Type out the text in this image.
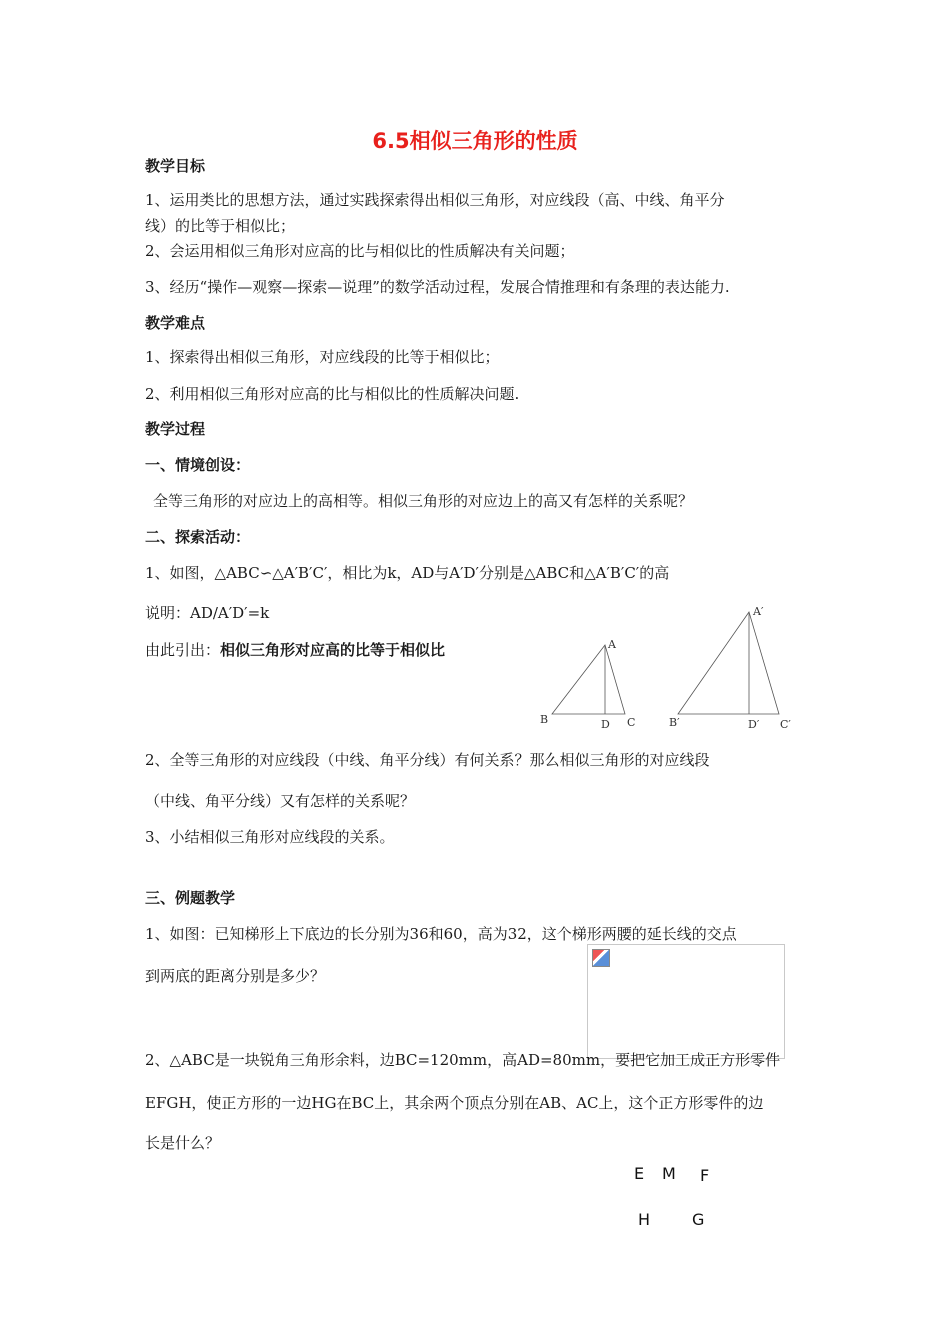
6.5相似三角形的性质
教学目标
1、运用类比的思想方法，通过实践探索得出相似三角形，对应线段（高、中线、角平分
线）的比等于相似比；
2、会运用相似三角形对应高的比与相似比的性质解决有关问题；
3、经历“操作—观察—探索—说理”的数学活动过程，发展合情推理和有条理的表达能力.
教学难点
1、探索得出相似三角形，对应线段的比等于相似比；
2、利用相似三角形对应高的比与相似比的性质解决问题.
教学过程
一、情境创设：
全等三角形的对应边上的高相等。相似三角形的对应边上的高又有怎样的关系呢？
二、探索活动：
1、如图，△ABC∽△A′B′C′，相比为k，AD与A′D′分别是△ABC和△A′B′C′的高
说明：AD/A′D′=k
由此引出：相似三角形对应高的比等于相似比	A
B	D C
A′
B′	D′ C′
2、全等三角形的对应线段（中线、角平分线）有何关系？那么相似三角形的对应线段
（中线、角平分线）又有怎样的关系呢？
3、小结相似三角形对应线段的关系。
三、例题教学
1、如图：已知梯形上下底边的长分别为36和60，高为32，这个梯形两腰的延长线的交点
到两底的距离分别是多少？
2、△ABC是一块锐角三角形余料，边BC=120mm，高AD=80mm，要把它加工成正方形零件
EFGH，使正方形的一边HG在BC上，其余两个顶点分别在AB、AC上，这个正方形零件的边
长是什么？
E M F
H	G
